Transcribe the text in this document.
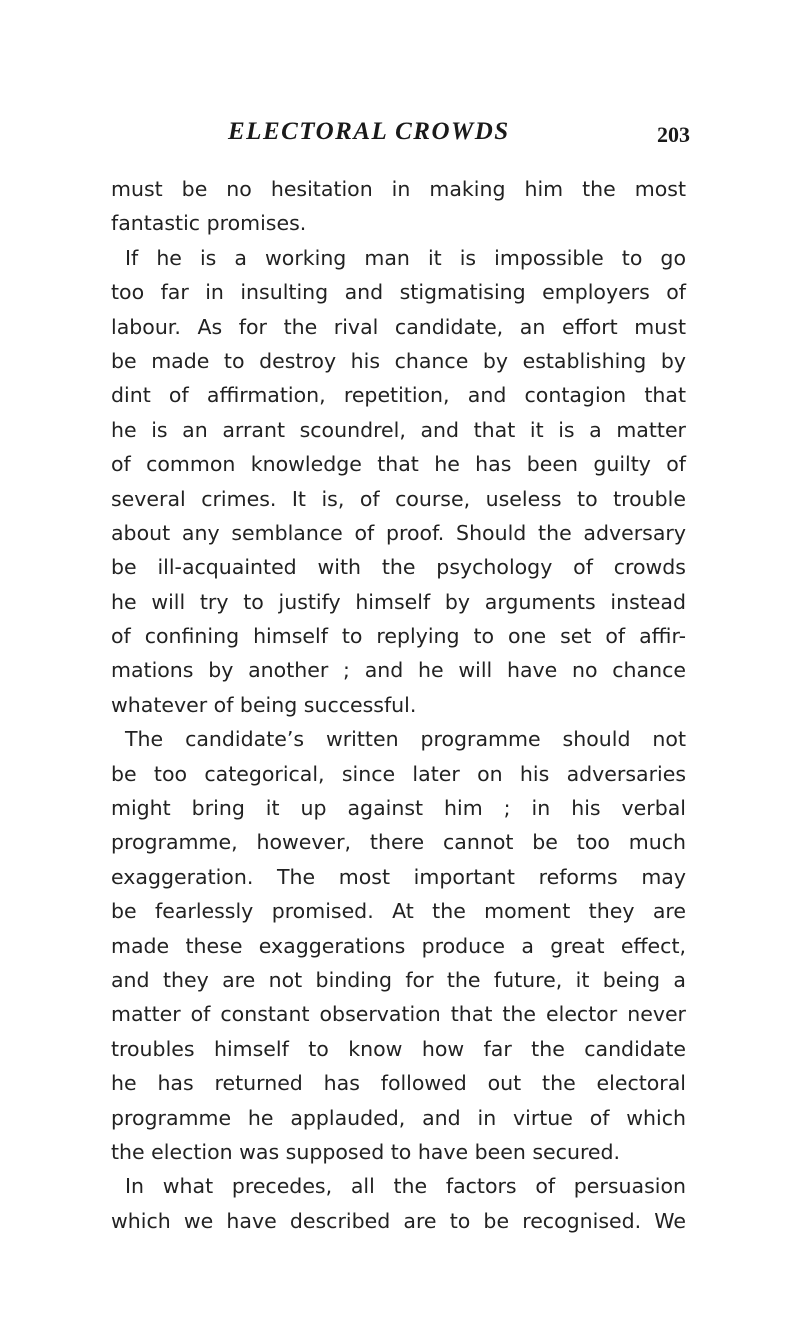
ELECTORAL CROWDS	203
must be no hesitation in making him the most
fantastic promises.
If he is a working man it is impossible to go
too far in insulting and stigmatising employers of
labour. As for the rival candidate, an effort must
be made to destroy his chance by establishing by
dint of affirmation, repetition, and contagion that
he is an arrant scoundrel, and that it is a matter
of common knowledge that he has been guilty of
several crimes. It is, of course, useless to trouble
about any semblance of proof. Should the adversary
be ill-acquainted with the psychology of crowds
he will try to justify himself by arguments instead
of confining himself to replying to one set of affir-
mations by another ; and he will have no chance
whatever of being successful.
The candidate’s written programme should not
be too categorical, since later on his adversaries
might bring it up against him ; in his verbal
programme, however, there cannot be too much
exaggeration. The most important reforms may
be fearlessly promised. At the moment they are
made these exaggerations produce a great effect,
and they are not binding for the future, it being a
matter of constant observation that the elector never
troubles himself to know how far the candidate
he has returned has followed out the electoral
programme he applauded, and in virtue of which
the election was supposed to have been secured.
In what precedes, all the factors of persuasion
which we have described are to be recognised. We
